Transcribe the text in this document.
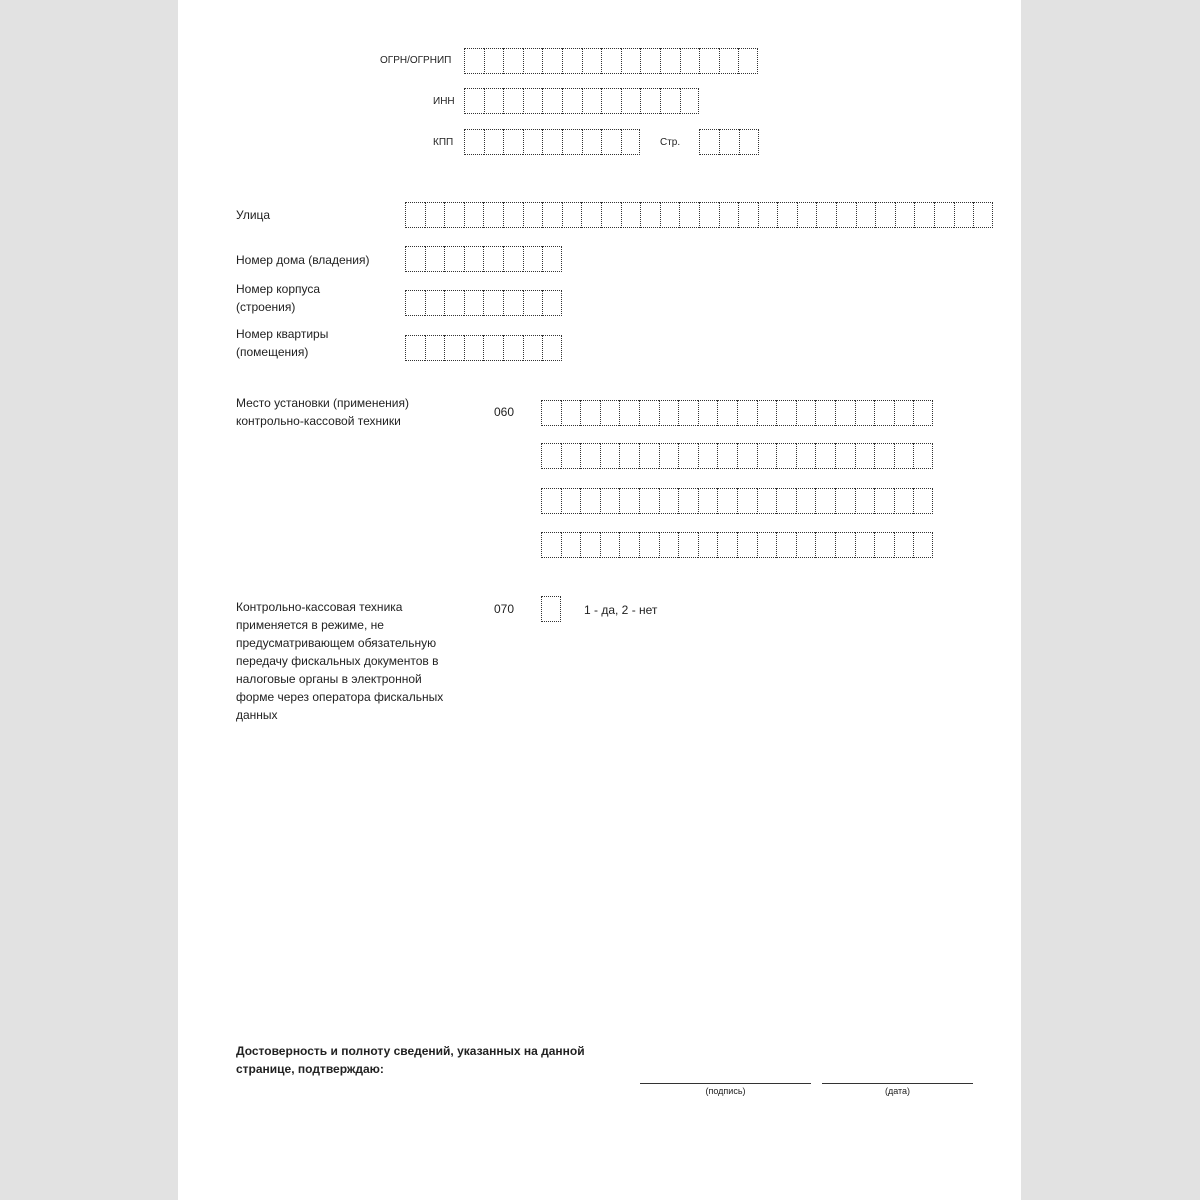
ОГРН/ОГРНИП
ИНН
КПП	Стр.
Улица
Номер дома (владения)
Номер корпуса (строения)
Номер квартиры (помещения)
Место установки (применения) контрольно-кассовой техники
060
Контрольно-кассовая техника применяется в режиме, не предусматривающем обязательную передачу фискальных документов в налоговые органы в электронной форме через оператора фискальных данных
070	1 - да, 2 - нет
Достоверность и полноту сведений, указанных на данной странице, подтверждаю:
(подпись)	(дата)
